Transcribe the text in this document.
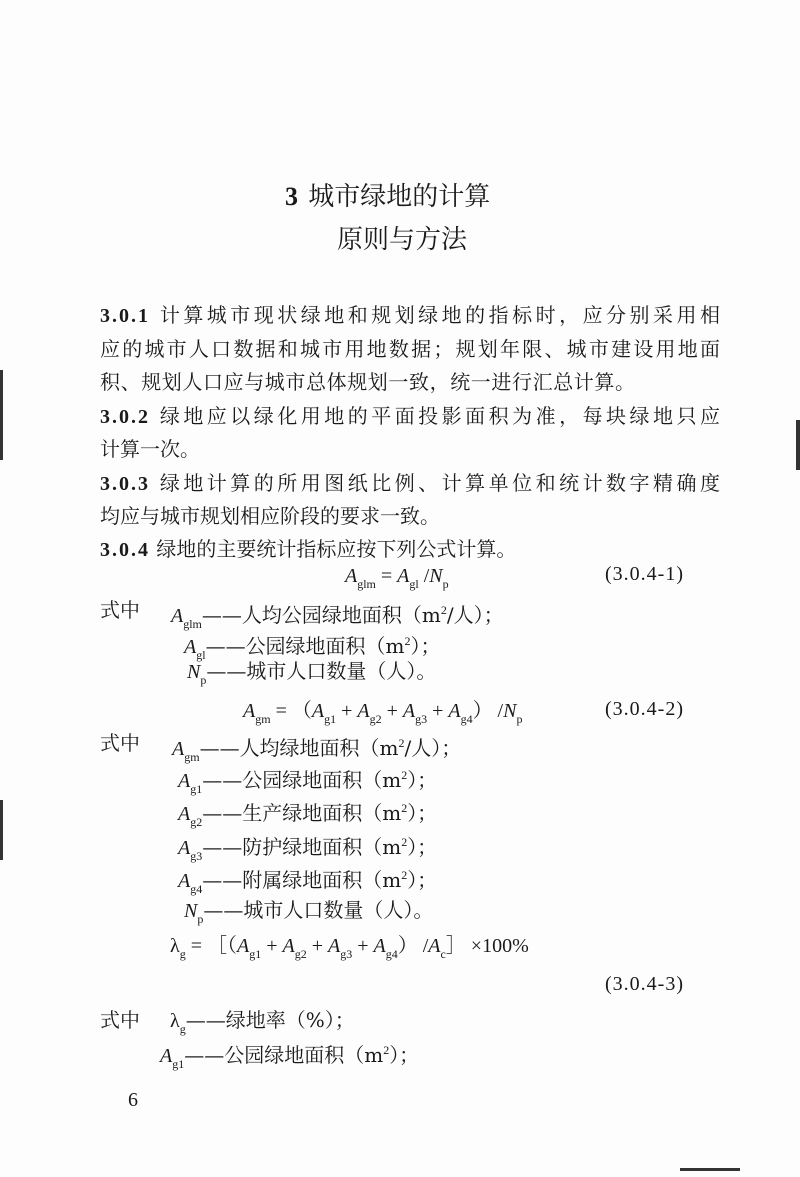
3 城市绿地的计算
原则与方法
3.0.1 计算城市现状绿地和规划绿地的指标时，应分别采用相
应的城市人口数据和城市用地数据；规划年限、城市建设用地面
积、规划人口应与城市总体规划一致，统一进行汇总计算。
3.0.2 绿地应以绿化用地的平面投影面积为准，每块绿地只应
计算一次。
3.0.3 绿地计算的所用图纸比例、计算单位和统计数字精确度
均应与城市规划相应阶段的要求一致。
3.0.4 绿地的主要统计指标应按下列公式计算。
$A_{glm} = A_{gl}$ $/N_p$	(3.0.4-1)
式中 $A_{glm}——$人均公园绿地面积（$m^2/$人）；
$A_{gl}——$公园绿地面积$(m^2)$；
$N_p——$城市人口数量（人）。
$A_{gm} = (A_{g1} + A_{g2} + A_{g3} + A_{g4})$ $/N_p$	(3.0.4-2)
式中 $A_{gm}——$人均绿地面积（$m^2/$人）；
$A_{g1}——$公园绿地面积$(m^2)$；
$A_{g2}——$生产绿地面积$(m^2)$；
$A_{g3}——$防护绿地面积$(m^2)$；
$A_{g4}——$附属绿地面积$(m^2)$；
$N_p——$城市人口数量（人）。
$\lambda_g$ = $[(A_{g1} + A_{g2} + A_{g3} + A_{g4})$ $/A_c] \times 100\%$
(3.0.4-3)
式中 $\lambda_g——$绿地率（%）；
$A_{g1}——$公园绿地面积$(m^2)$；
6
